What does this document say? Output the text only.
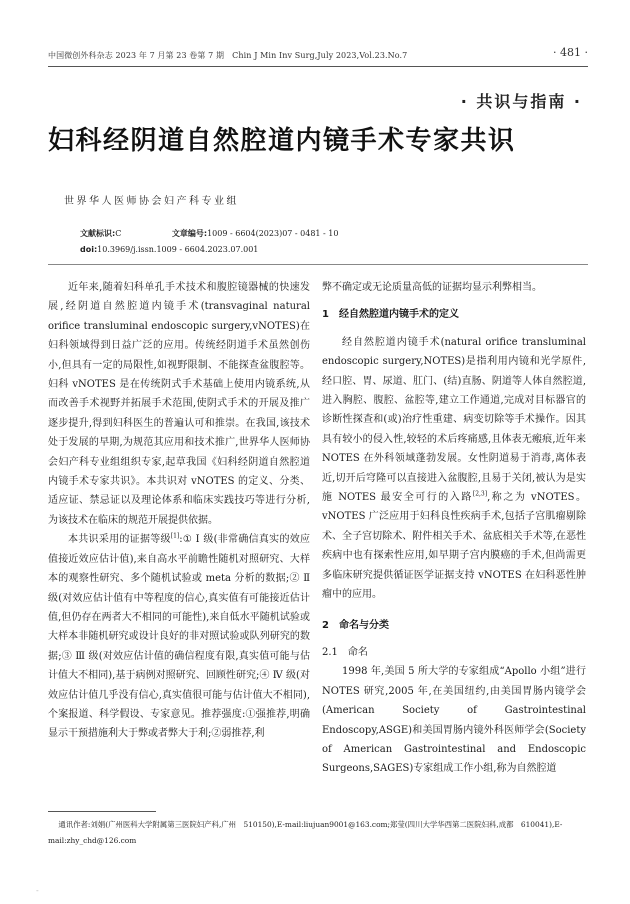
中国微创外科杂志 2023 年 7 月第 23 卷第 7 期　Chin J Min Inv Surg,July 2023,Vol.23.No.7	· 481 ·
· 共识与指南 ·
妇科经阴道自然腔道内镜手术专家共识
世界华人医师协会妇产科专业组
文献标识:C	文章编号:1009 - 6604(2023)07 - 0481 - 10
doi:10.3969/j.issn.1009 - 6604.2023.07.001

近年来,随着妇科单孔手术技术和腹腔镜器械的快速发展,经阴道自然腔道内镜手术(transvaginal natural orifice transluminal endoscopic surgery,vNOTES)在妇科领域得到日益广泛的应用。传统经阴道手术虽然创伤小,但具有一定的局限性,如视野限制、不能探查盆腹腔等。妇科 vNOTES 是在传统阴式手术基础上使用内镜系统,从而改善手术视野并拓展手术范围,使阴式手术的开展及推广逐步提升,得到妇科医生的普遍认可和推崇。在我国,该技术处于发展的早期,为规范其应用和技术推广,世界华人医师协会妇产科专业组组织专家,起草我国《妇科经阴道自然腔道内镜手术专家共识》。本共识对 vNOTES 的定义、分类、适应证、禁忌证以及理论体系和临床实践技巧等进行分析,为该技术在临床的规范开展提供依据。

本共识采用的证据等级[1]:① Ⅰ 级(非常确信真实的效应值接近效应估计值),来自高水平前瞻性随机对照研究、大样本的观察性研究、多个随机试验或 meta 分析的数据;② Ⅱ 级(对效应估计值有中等程度的信心,真实值有可能接近估计值,但仍存在两者大不相同的可能性),来自低水平随机试验或大样本非随机研究或设计良好的非对照试验或队列研究的数据;③ Ⅲ 级(对效应估计值的确信程度有限,真实值可能与估计值大不相同),基于病例对照研究、回顾性研究;④ Ⅳ 级(对效应估计值几乎没有信心,真实值很可能与估计值大不相同),个案报道、科学假设、专家意见。推荐强度:①强推荐,明确显示干预措施利大于弊或者弊大于利;②弱推荐,利

弊不确定或无论质量高低的证据均显示利弊相当。

1　经自然腔道内镜手术的定义

经自然腔道内镜手术(natural orifice transluminal endoscopic surgery,NOTES)是指利用内镜和光学原件,经口腔、胃、尿道、肛门、(结)直肠、阴道等人体自然腔道,进入胸腔、腹腔、盆腔等,建立工作通道,完成对目标器官的诊断性探查和(或)治疗性重建、病变切除等手术操作。因其具有较小的侵入性,较轻的术后疼痛感,且体表无瘢痕,近年来 NOTES 在外科领域蓬勃发展。女性阴道易于消毒,离体表近,切开后穹隆可以直接进入盆腹腔,且易于关闭,被认为是实施 NOTES 最安全可行的入路[2,3],称之为 vNOTES。vNOTES 广泛应用于妇科良性疾病手术,包括子宫肌瘤剔除术、全子宫切除术、附件相关手术、盆底相关手术等,在恶性疾病中也有探索性应用,如早期子宫内膜癌的手术,但尚需更多临床研究提供循证医学证据支持 vNOTES 在妇科恶性肿瘤中的应用。

2　命名与分类
2.1　命名

1998 年,美国 5 所大学的专家组成“Apollo 小组”进行 NOTES 研究,2005 年,在美国纽约,由美国胃肠内镜学会(American Society of Gastrointestinal Endoscopy,ASGE)和美国胃肠内镜外科医师学会(Society of American Gastrointestinal and Endoscopic Surgeons,SAGES)专家组成工作小组,称为自然腔道

通讯作者:刘娟(广州医科大学附属第三医院妇产科,广州　510150),E-mail:liujuan9001@163.com;郑莹(四川大学华西第二医院妇科,成都　610041),E-mail:zhy_chd@126.com

-
